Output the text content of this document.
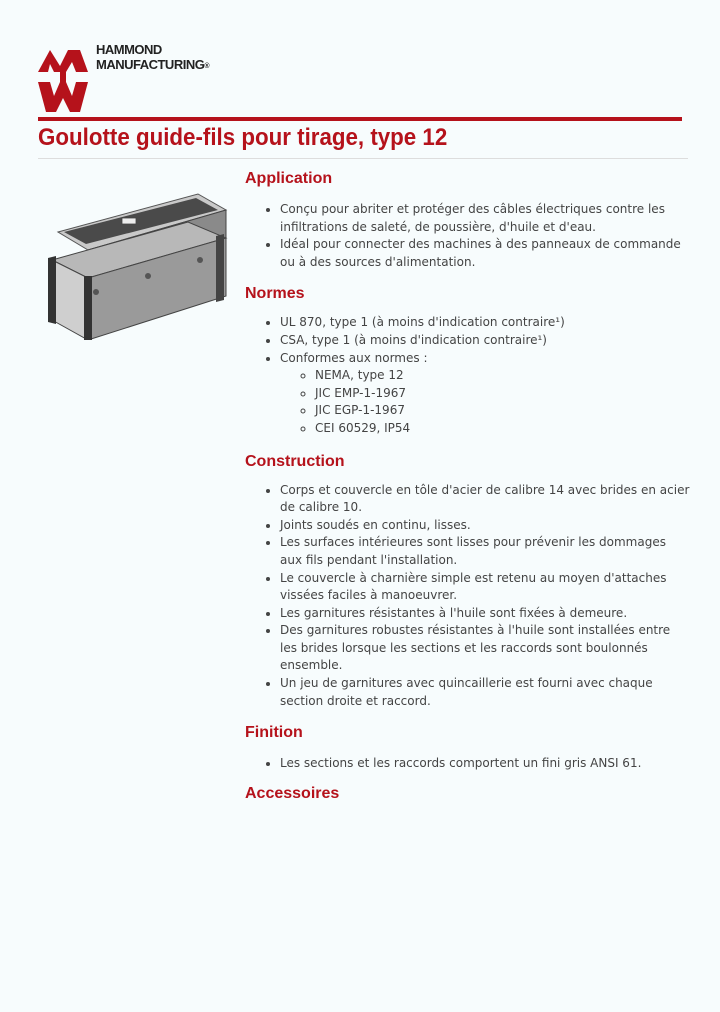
HAMMOND
MANUFACTURING®
Goulotte guide-fils pour tirage, type 12
Application
• Conçu pour abriter et protéger des câbles électriques contre les infiltrations de saleté, de poussière, d'huile et d'eau.
• Idéal pour connecter des machines à des panneaux de commande ou à des sources d'alimentation.
Normes
• UL 870, type 1 (à moins d'indication contraire¹)
• CSA, type 1 (à moins d'indication contraire¹)
• Conformes aux normes :
◦ NEMA, type 12
◦ JIC EMP-1-1967
◦ JIC EGP-1-1967
◦ CEI 60529, IP54
Construction
• Corps et couvercle en tôle d'acier de calibre 14 avec brides en acier de calibre 10.
• Joints soudés en continu, lisses.
• Les surfaces intérieures sont lisses pour prévenir les dommages aux fils pendant l'installation.
• Le couvercle à charnière simple est retenu au moyen d'attaches vissées faciles à manoeuvrer.
• Les garnitures résistantes à l'huile sont fixées à demeure.
• Des garnitures robustes résistantes à l'huile sont installées entre les brides lorsque les sections et les raccords sont boulonnés ensemble.
• Un jeu de garnitures avec quincaillerie est fourni avec chaque section droite et raccord.
Finition
• Les sections et les raccords comportent un fini gris ANSI 61.
Accessoires
